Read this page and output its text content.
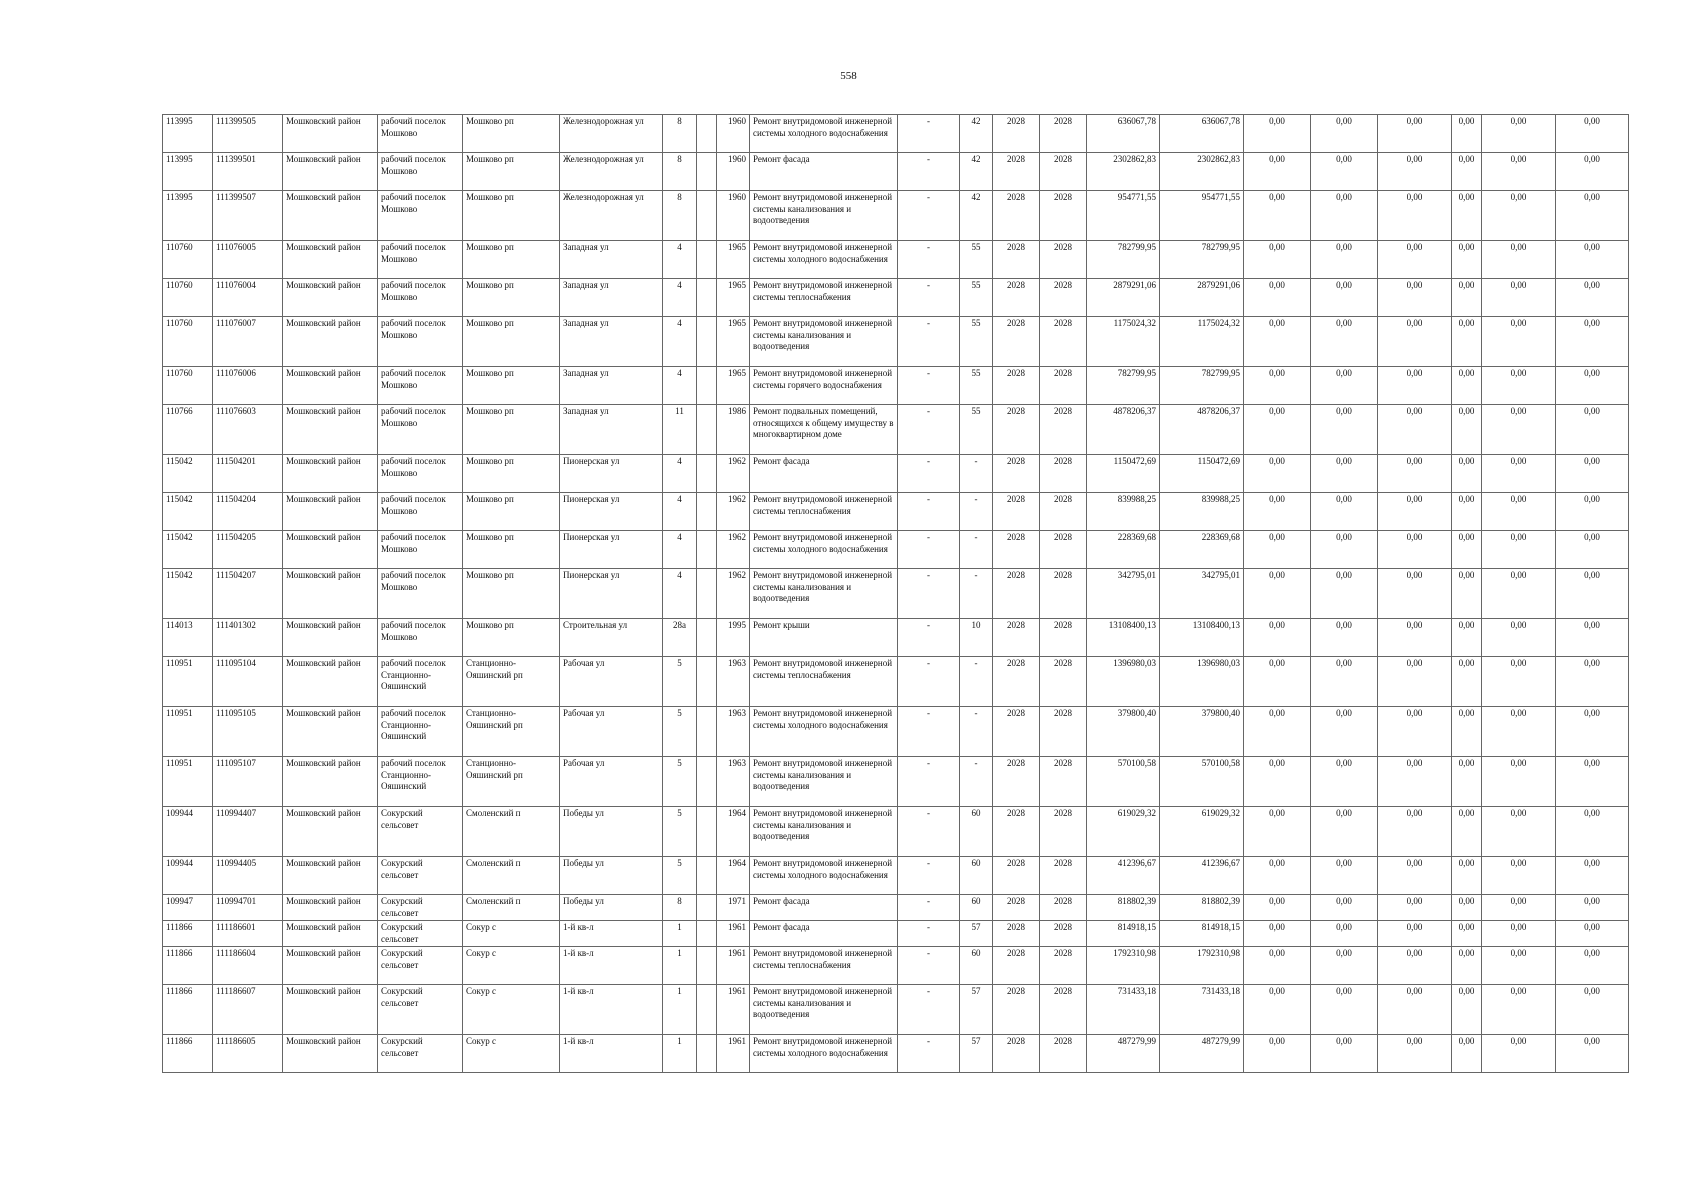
558
113995	111399505	Мошковский район	рабочий поселок Мошково	Мошково рп	Железнодорожная ул	8		1960	Ремонт внутридомовой инженерной системы холодного водоснабжения	-	42	2028	2028	636067,78	636067,78	0,00	0,00	0,00	0,00	0,00	0,00
113995	111399501	Мошковский район	рабочий поселок Мошково	Мошково рп	Железнодорожная ул	8		1960	Ремонт фасада	-	42	2028	2028	2302862,83	2302862,83	0,00	0,00	0,00	0,00	0,00	0,00
113995	111399507	Мошковский район	рабочий поселок Мошково	Мошково рп	Железнодорожная ул	8		1960	Ремонт внутридомовой инженерной системы канализования и водоотведения	-	42	2028	2028	954771,55	954771,55	0,00	0,00	0,00	0,00	0,00	0,00
110760	111076005	Мошковский район	рабочий поселок Мошково	Мошково рп	Западная ул	4		1965	Ремонт внутридомовой инженерной системы холодного водоснабжения	-	55	2028	2028	782799,95	782799,95	0,00	0,00	0,00	0,00	0,00	0,00
110760	111076004	Мошковский район	рабочий поселок Мошково	Мошково рп	Западная ул	4		1965	Ремонт внутридомовой инженерной системы теплоснабжения	-	55	2028	2028	2879291,06	2879291,06	0,00	0,00	0,00	0,00	0,00	0,00
110760	111076007	Мошковский район	рабочий поселок Мошково	Мошково рп	Западная ул	4		1965	Ремонт внутридомовой инженерной системы канализования и водоотведения	-	55	2028	2028	1175024,32	1175024,32	0,00	0,00	0,00	0,00	0,00	0,00
110760	111076006	Мошковский район	рабочий поселок Мошково	Мошково рп	Западная ул	4		1965	Ремонт внутридомовой инженерной системы горячего водоснабжения	-	55	2028	2028	782799,95	782799,95	0,00	0,00	0,00	0,00	0,00	0,00
110766	111076603	Мошковский район	рабочий поселок Мошково	Мошково рп	Западная ул	11		1986	Ремонт подвальных помещений, относящихся к общему имуществу в многоквартирном доме	-	55	2028	2028	4878206,37	4878206,37	0,00	0,00	0,00	0,00	0,00	0,00
115042	111504201	Мошковский район	рабочий поселок Мошково	Мошково рп	Пионерская ул	4		1962	Ремонт фасада	-	-	2028	2028	1150472,69	1150472,69	0,00	0,00	0,00	0,00	0,00	0,00
115042	111504204	Мошковский район	рабочий поселок Мошково	Мошково рп	Пионерская ул	4		1962	Ремонт внутридомовой инженерной системы теплоснабжения	-	-	2028	2028	839988,25	839988,25	0,00	0,00	0,00	0,00	0,00	0,00
115042	111504205	Мошковский район	рабочий поселок Мошково	Мошково рп	Пионерская ул	4		1962	Ремонт внутридомовой инженерной системы холодного водоснабжения	-	-	2028	2028	228369,68	228369,68	0,00	0,00	0,00	0,00	0,00	0,00
115042	111504207	Мошковский район	рабочий поселок Мошково	Мошково рп	Пионерская ул	4		1962	Ремонт внутридомовой инженерной системы канализования и водоотведения	-	-	2028	2028	342795,01	342795,01	0,00	0,00	0,00	0,00	0,00	0,00
114013	111401302	Мошковский район	рабочий поселок Мошково	Мошково рп	Строительная ул	28а		1995	Ремонт крыши	-	10	2028	2028	13108400,13	13108400,13	0,00	0,00	0,00	0,00	0,00	0,00
110951	111095104	Мошковский район	рабочий поселок Станционно-Ояшинский	Станционно-Ояшинский рп	Рабочая ул	5		1963	Ремонт внутридомовой инженерной системы теплоснабжения	-	-	2028	2028	1396980,03	1396980,03	0,00	0,00	0,00	0,00	0,00	0,00
110951	111095105	Мошковский район	рабочий поселок Станционно-Ояшинский	Станционно-Ояшинский рп	Рабочая ул	5		1963	Ремонт внутридомовой инженерной системы холодного водоснабжения	-	-	2028	2028	379800,40	379800,40	0,00	0,00	0,00	0,00	0,00	0,00
110951	111095107	Мошковский район	рабочий поселок Станционно-Ояшинский	Станционно-Ояшинский рп	Рабочая ул	5		1963	Ремонт внутридомовой инженерной системы канализования и водоотведения	-	-	2028	2028	570100,58	570100,58	0,00	0,00	0,00	0,00	0,00	0,00
109944	110994407	Мошковский район	Сокурский сельсовет	Смоленский п	Победы ул	5		1964	Ремонт внутридомовой инженерной системы канализования и водоотведения	-	60	2028	2028	619029,32	619029,32	0,00	0,00	0,00	0,00	0,00	0,00
109944	110994405	Мошковский район	Сокурский сельсовет	Смоленский п	Победы ул	5		1964	Ремонт внутридомовой инженерной системы холодного водоснабжения	-	60	2028	2028	412396,67	412396,67	0,00	0,00	0,00	0,00	0,00	0,00
109947	110994701	Мошковский район	Сокурский сельсовет	Смоленский п	Победы ул	8		1971	Ремонт фасада	-	60	2028	2028	818802,39	818802,39	0,00	0,00	0,00	0,00	0,00	0,00
111866	111186601	Мошковский район	Сокурский сельсовет	Сокур с	1-й кв-л	1		1961	Ремонт фасада	-	57	2028	2028	814918,15	814918,15	0,00	0,00	0,00	0,00	0,00	0,00
111866	111186604	Мошковский район	Сокурский сельсовет	Сокур с	1-й кв-л	1		1961	Ремонт внутридомовой инженерной системы теплоснабжения	-	60	2028	2028	1792310,98	1792310,98	0,00	0,00	0,00	0,00	0,00	0,00
111866	111186607	Мошковский район	Сокурский сельсовет	Сокур с	1-й кв-л	1		1961	Ремонт внутридомовой инженерной системы канализования и водоотведения	-	57	2028	2028	731433,18	731433,18	0,00	0,00	0,00	0,00	0,00	0,00
111866	111186605	Мошковский район	Сокурский сельсовет	Сокур с	1-й кв-л	1		1961	Ремонт внутридомовой инженерной системы холодного водоснабжения	-	57	2028	2028	487279,99	487279,99	0,00	0,00	0,00	0,00	0,00	0,00
